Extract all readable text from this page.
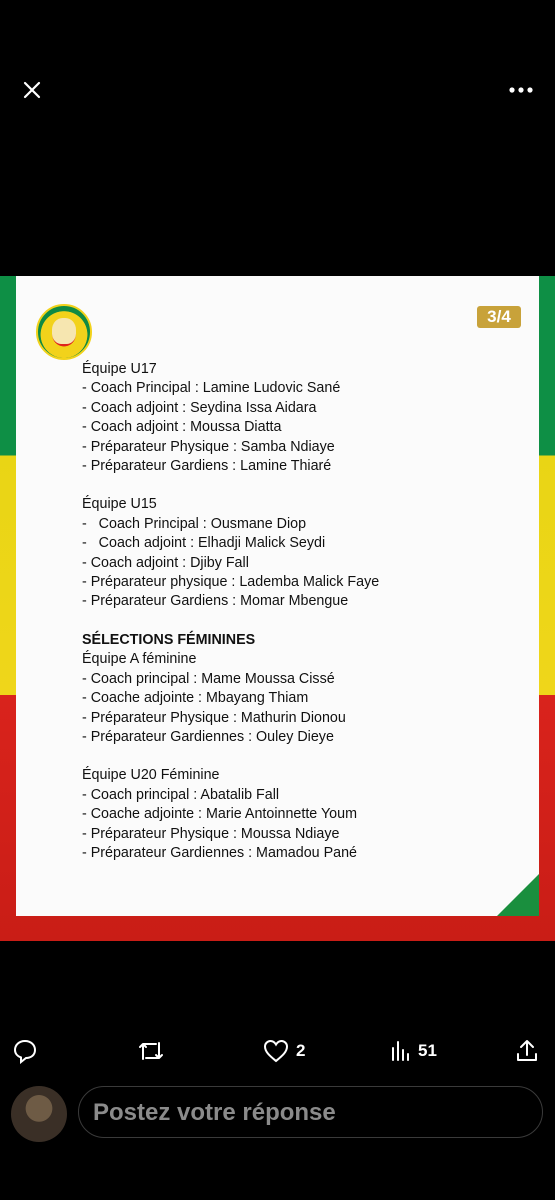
3/4
Équipe U17
- Coach Principal : Lamine Ludovic Sané
- Coach adjoint : Seydina Issa Aidara
- Coach adjoint : Moussa Diatta
- Préparateur Physique : Samba Ndiaye
- Préparateur Gardiens : Lamine Thiaré
Équipe U15
-   Coach Principal : Ousmane Diop
-   Coach adjoint : Elhadji Malick Seydi
- Coach adjoint : Djiby Fall
- Préparateur physique : Lademba Malick Faye
- Préparateur Gardiens : Momar Mbengue
SÉLECTIONS FÉMININES
Équipe A féminine
- Coach principal : Mame Moussa Cissé
- Coache adjointe : Mbayang Thiam
- Préparateur Physique : Mathurin Dionou
- Préparateur Gardiennes : Ouley Dieye
Équipe U20 Féminine
- Coach principal : Abatalib Fall
- Coache adjointe : Marie Antoinnette Youm
- Préparateur Physique : Moussa Ndiaye
- Préparateur Gardiennes : Mamadou Pané
2	51
Postez votre réponse
